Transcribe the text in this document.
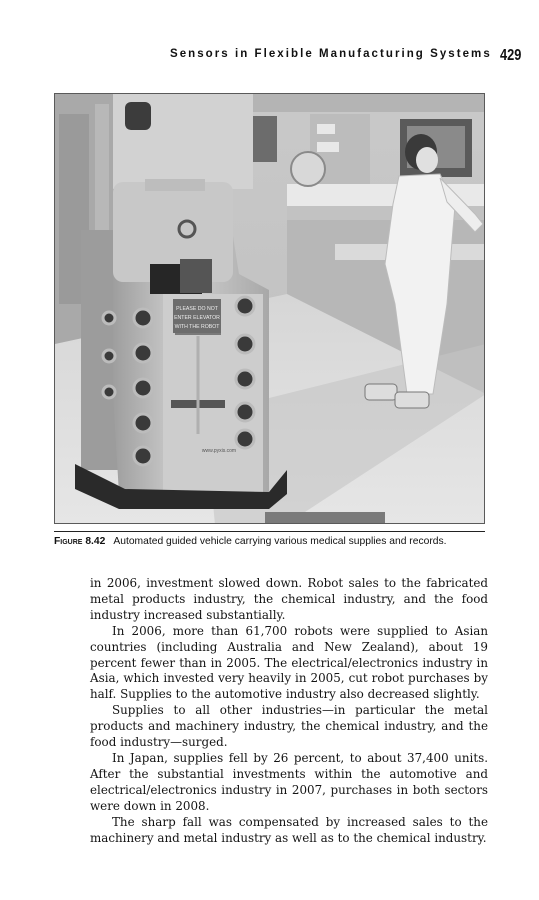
Sensors in Flexible Manufacturing Systems 429
PLEASE DO NOT
ENTER ELEVATOR
WITH THE ROBOT
www.pyxis.com
Figure 8.42 Automated guided vehicle carrying various medical supplies and records.

in 2006, investment slowed down. Robot sales to the fabricated metal products industry, the chemical industry, and the food industry increased substantially.

In 2006, more than 61,700 robots were supplied to Asian countries (including Australia and New Zealand), about 19 percent fewer than in 2005. The electrical/electronics industry in Asia, which invested very heavily in 2005, cut robot purchases by half. Supplies to the automotive industry also decreased slightly.

Supplies to all other industries—in particular the metal products and machinery industry, the chemical industry, and the food industry—surged.

In Japan, supplies fell by 26 percent, to about 37,400 units. After the substantial investments within the automotive and electrical/electronics industry in 2007, purchases in both sectors were down in 2008.

The sharp fall was compensated by increased sales to the machinery and metal industry as well as to the chemical industry.
